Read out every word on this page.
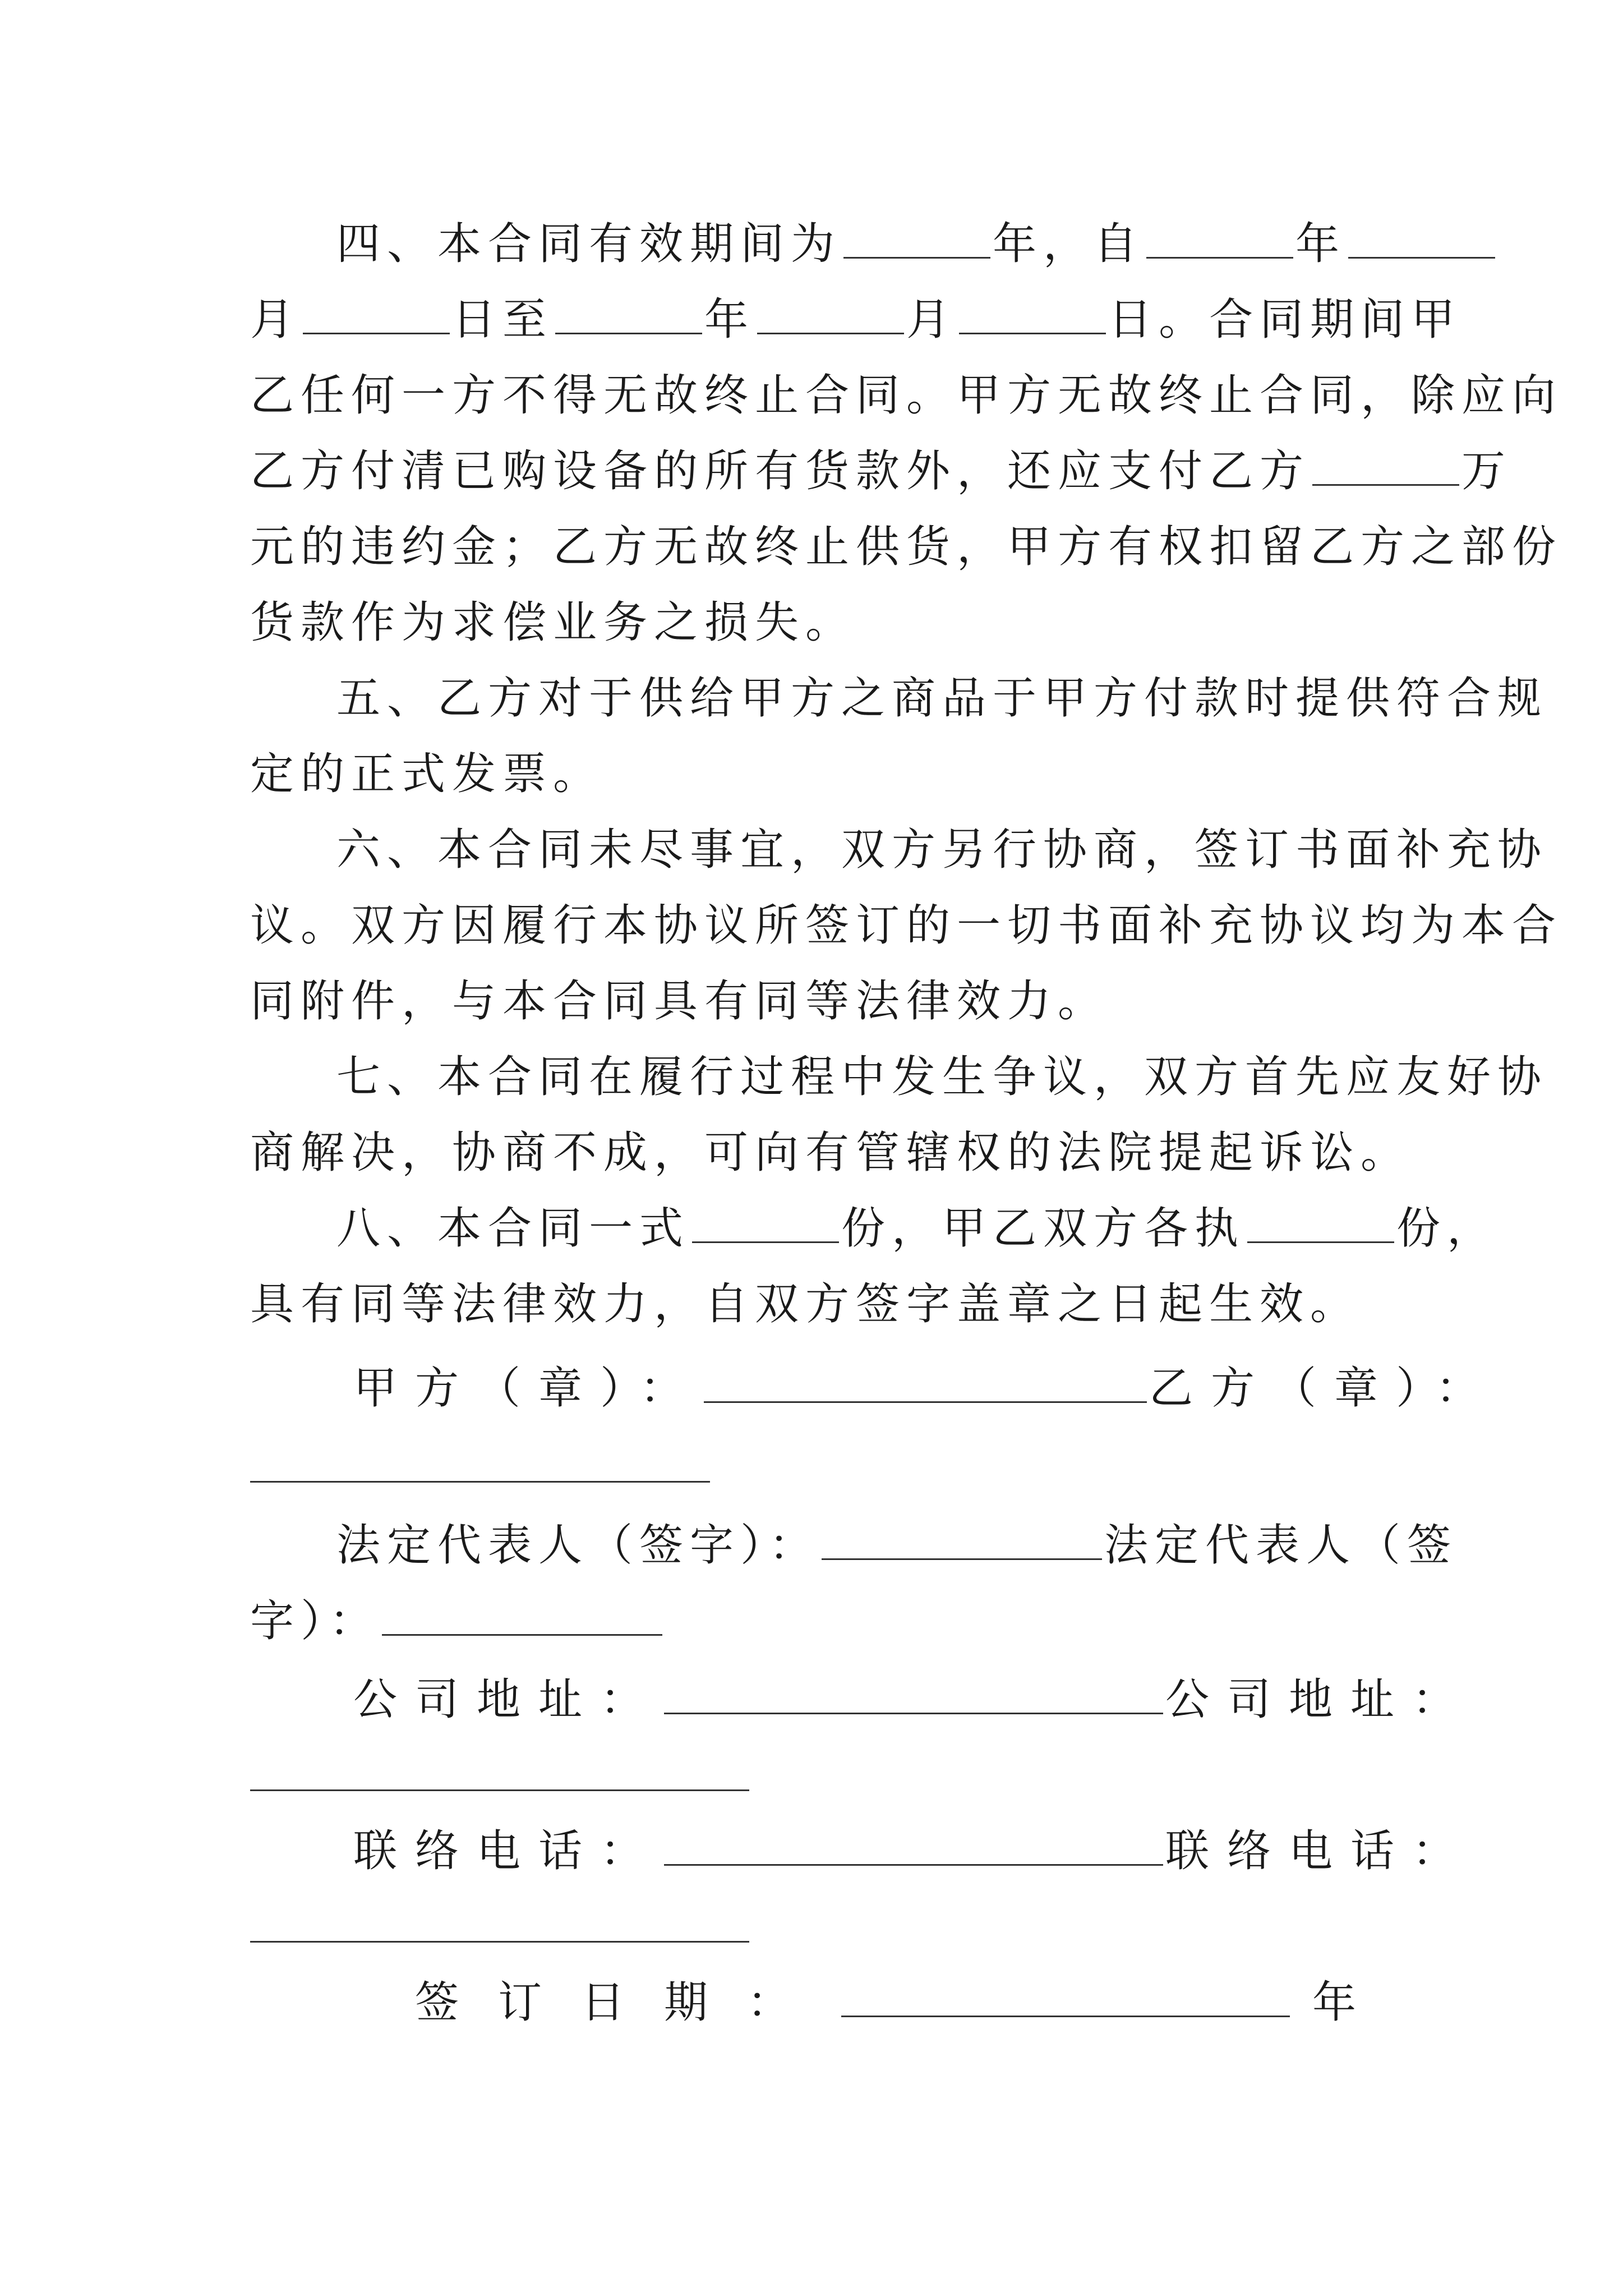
四、本合同有效期间为	年，自	年
月	日至	年	月	日。合同期间甲
乙任何一方不得无故终止合同。甲方无故终止合同，除应向
乙方付清已购设备的所有货款外，还应支付乙方	万
元的违约金；乙方无故终止供货，甲方有权扣留乙方之部份
货款作为求偿业务之损失。
五、乙方对于供给甲方之商品于甲方付款时提供符合规
定的正式发票。
六、本合同未尽事宜，双方另行协商，签订书面补充协
议。双方因履行本协议所签订的一切书面补充协议均为本合
同附件，与本合同具有同等法律效力。
七、本合同在履行过程中发生争议，双方首先应友好协
商解决，协商不成，可向有管辖权的法院提起诉讼。
八、本合同一式	份，甲乙双方各执	份，
具有同等法律效力，自双方签字盖章之日起生效。
甲方（章）：	乙方（章）：
法定代表人（签字）：	法定代表人（签
字）：
公司地址：	公司地址：
联络电话：	联络电话：
签订日期：	年
